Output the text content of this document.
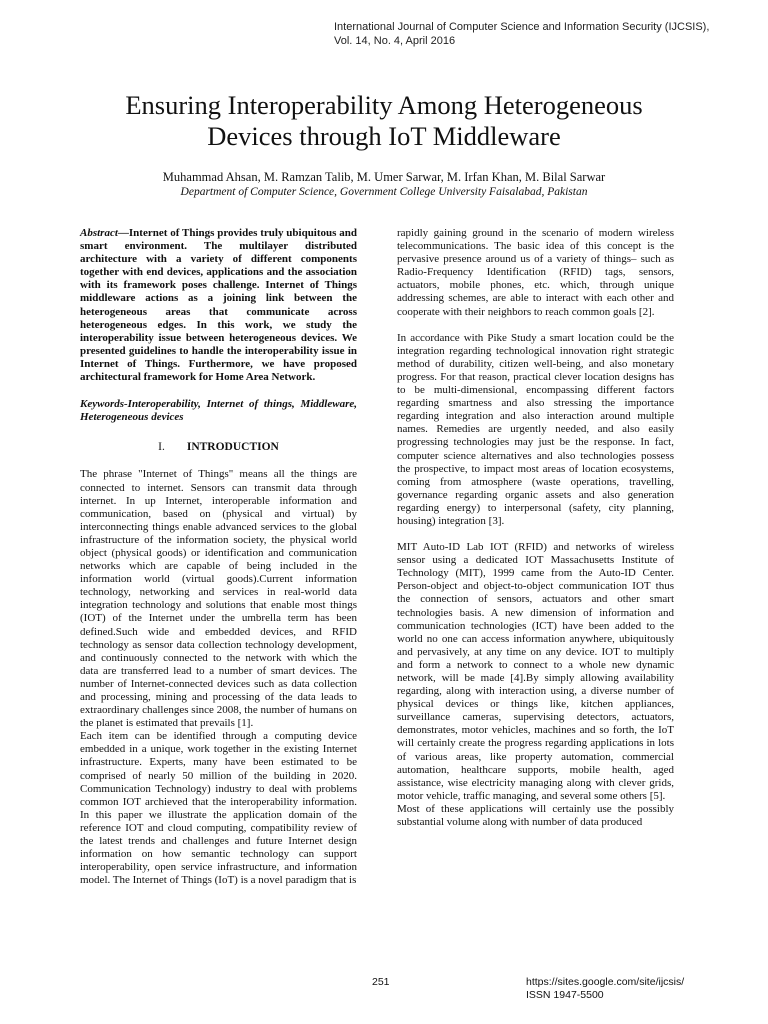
International Journal of Computer Science and Information Security (IJCSIS),
Vol. 14, No. 4, April 2016
Ensuring Interoperability Among Heterogeneous
Devices through IoT Middleware
Muhammad Ahsan, M. Ramzan Talib, M. Umer Sarwar, M. Irfan Khan, M. Bilal Sarwar
Department of Computer Science, Government College University Faisalabad, Pakistan

Abstract—Internet of Things provides truly ubiquitous and smart environment. The multilayer distributed architecture with a variety of different components together with end devices, applications and the association with its framework poses challenge. Internet of Things middleware actions as a joining link between the heterogeneous areas that communicate across heterogeneous edges. In this work, we study the interoperability issue between heterogeneous devices. We presented guidelines to handle the interoperability issue in Internet of Things. Furthermore, we have proposed architectural framework for Home Area Network.

Keywords-Interoperability, Internet of things, Middleware, Heterogeneous devices

I. INTRODUCTION

The phrase "Internet of Things" means all the things are connected to internet. Sensors can transmit data through internet. In up Internet, interoperable information and communication, based on (physical and virtual) by interconnecting things enable advanced services to the global infrastructure of the information society, the physical world object (physical goods) or identification and communication networks which are capable of being included in the information world (virtual goods).Current information technology, networking and services in real-world data integration technology and solutions that enable most things (IOT) of the Internet under the umbrella term has been defined.Such wide and embedded devices, and RFID technology as sensor data collection technology development, and continuously connected to the network with which the data are transferred lead to a number of smart devices. The number of Internet-connected devices such as data collection and processing, mining and processing of the data leads to extraordinary challenges since 2008, the number of humans on the planet is estimated that prevails [1].

Each item can be identified through a computing device embedded in a unique, work together in the existing Internet infrastructure. Experts, many have been estimated to be comprised of nearly 50 million of the building in 2020. Communication Technology) industry to deal with problems common IOT archieved that the interoperability information. In this paper we illustrate the application domain of the reference IOT and cloud computing, compatibility review of the latest trends and challenges and future Internet design information on how semantic technology can support interoperability, open service infrastructure, and information model. The Internet of Things (IoT) is a novel paradigm that is

rapidly gaining ground in the scenario of modern wireless telecommunications. The basic idea of this concept is the pervasive presence around us of a variety of things– such as Radio-Frequency Identification (RFID) tags, sensors, actuators, mobile phones, etc. which, through unique addressing schemes, are able to interact with each other and cooperate with their neighbors to reach common goals [2].

In accordance with Pike Study a smart location could be the integration regarding technological innovation right strategic method of durability, citizen well-being, and also monetary progress. For that reason, practical clever location designs has to be multi-dimensional, encompassing different factors regarding smartness and also stressing the importance regarding integration and also interaction around multiple names. Remedies are urgently needed, and also easily progressing technologies may just be the response. In fact, computer science alternatives and also technologies possess the prospective, to impact most areas of location ecosystems, coming from atmosphere (waste operations, travelling, governance regarding organic assets and also generation regarding energy) to interpersonal (safety, city planning, housing) integration [3].

MIT Auto-ID Lab IOT (RFID) and networks of wireless sensor using a dedicated IOT Massachusetts Institute of Technology (MIT), 1999 came from the Auto-ID Center. Person-object and object-to-object communication IOT thus the connection of sensors, actuators and other smart technologies basis. A new dimension of information and communication technologies (ICT) have been added to the world no one can access information anywhere, ubiquitously and pervasively, at any time on any device. IOT to multiply and form a network to connect to a whole new dynamic network, will be made [4].By simply allowing availability regarding, along with interaction using, a diverse number of physical devices or things like, kitchen appliances, surveillance cameras, supervising detectors, actuators, demonstrates, motor vehicles, machines and so forth, the IoT will certainly create the progress regarding applications in lots of various areas, like property automation, commercial automation, healthcare supports, mobile health, aged assistance, wise electricity managing along with clever grids, motor vehicle, traffic managing, and several some others [5].

Most of these applications will certainly use the possibly substantial volume along with number of data produced

251	https://sites.google.com/site/ijcsis/
ISSN 1947-5500
